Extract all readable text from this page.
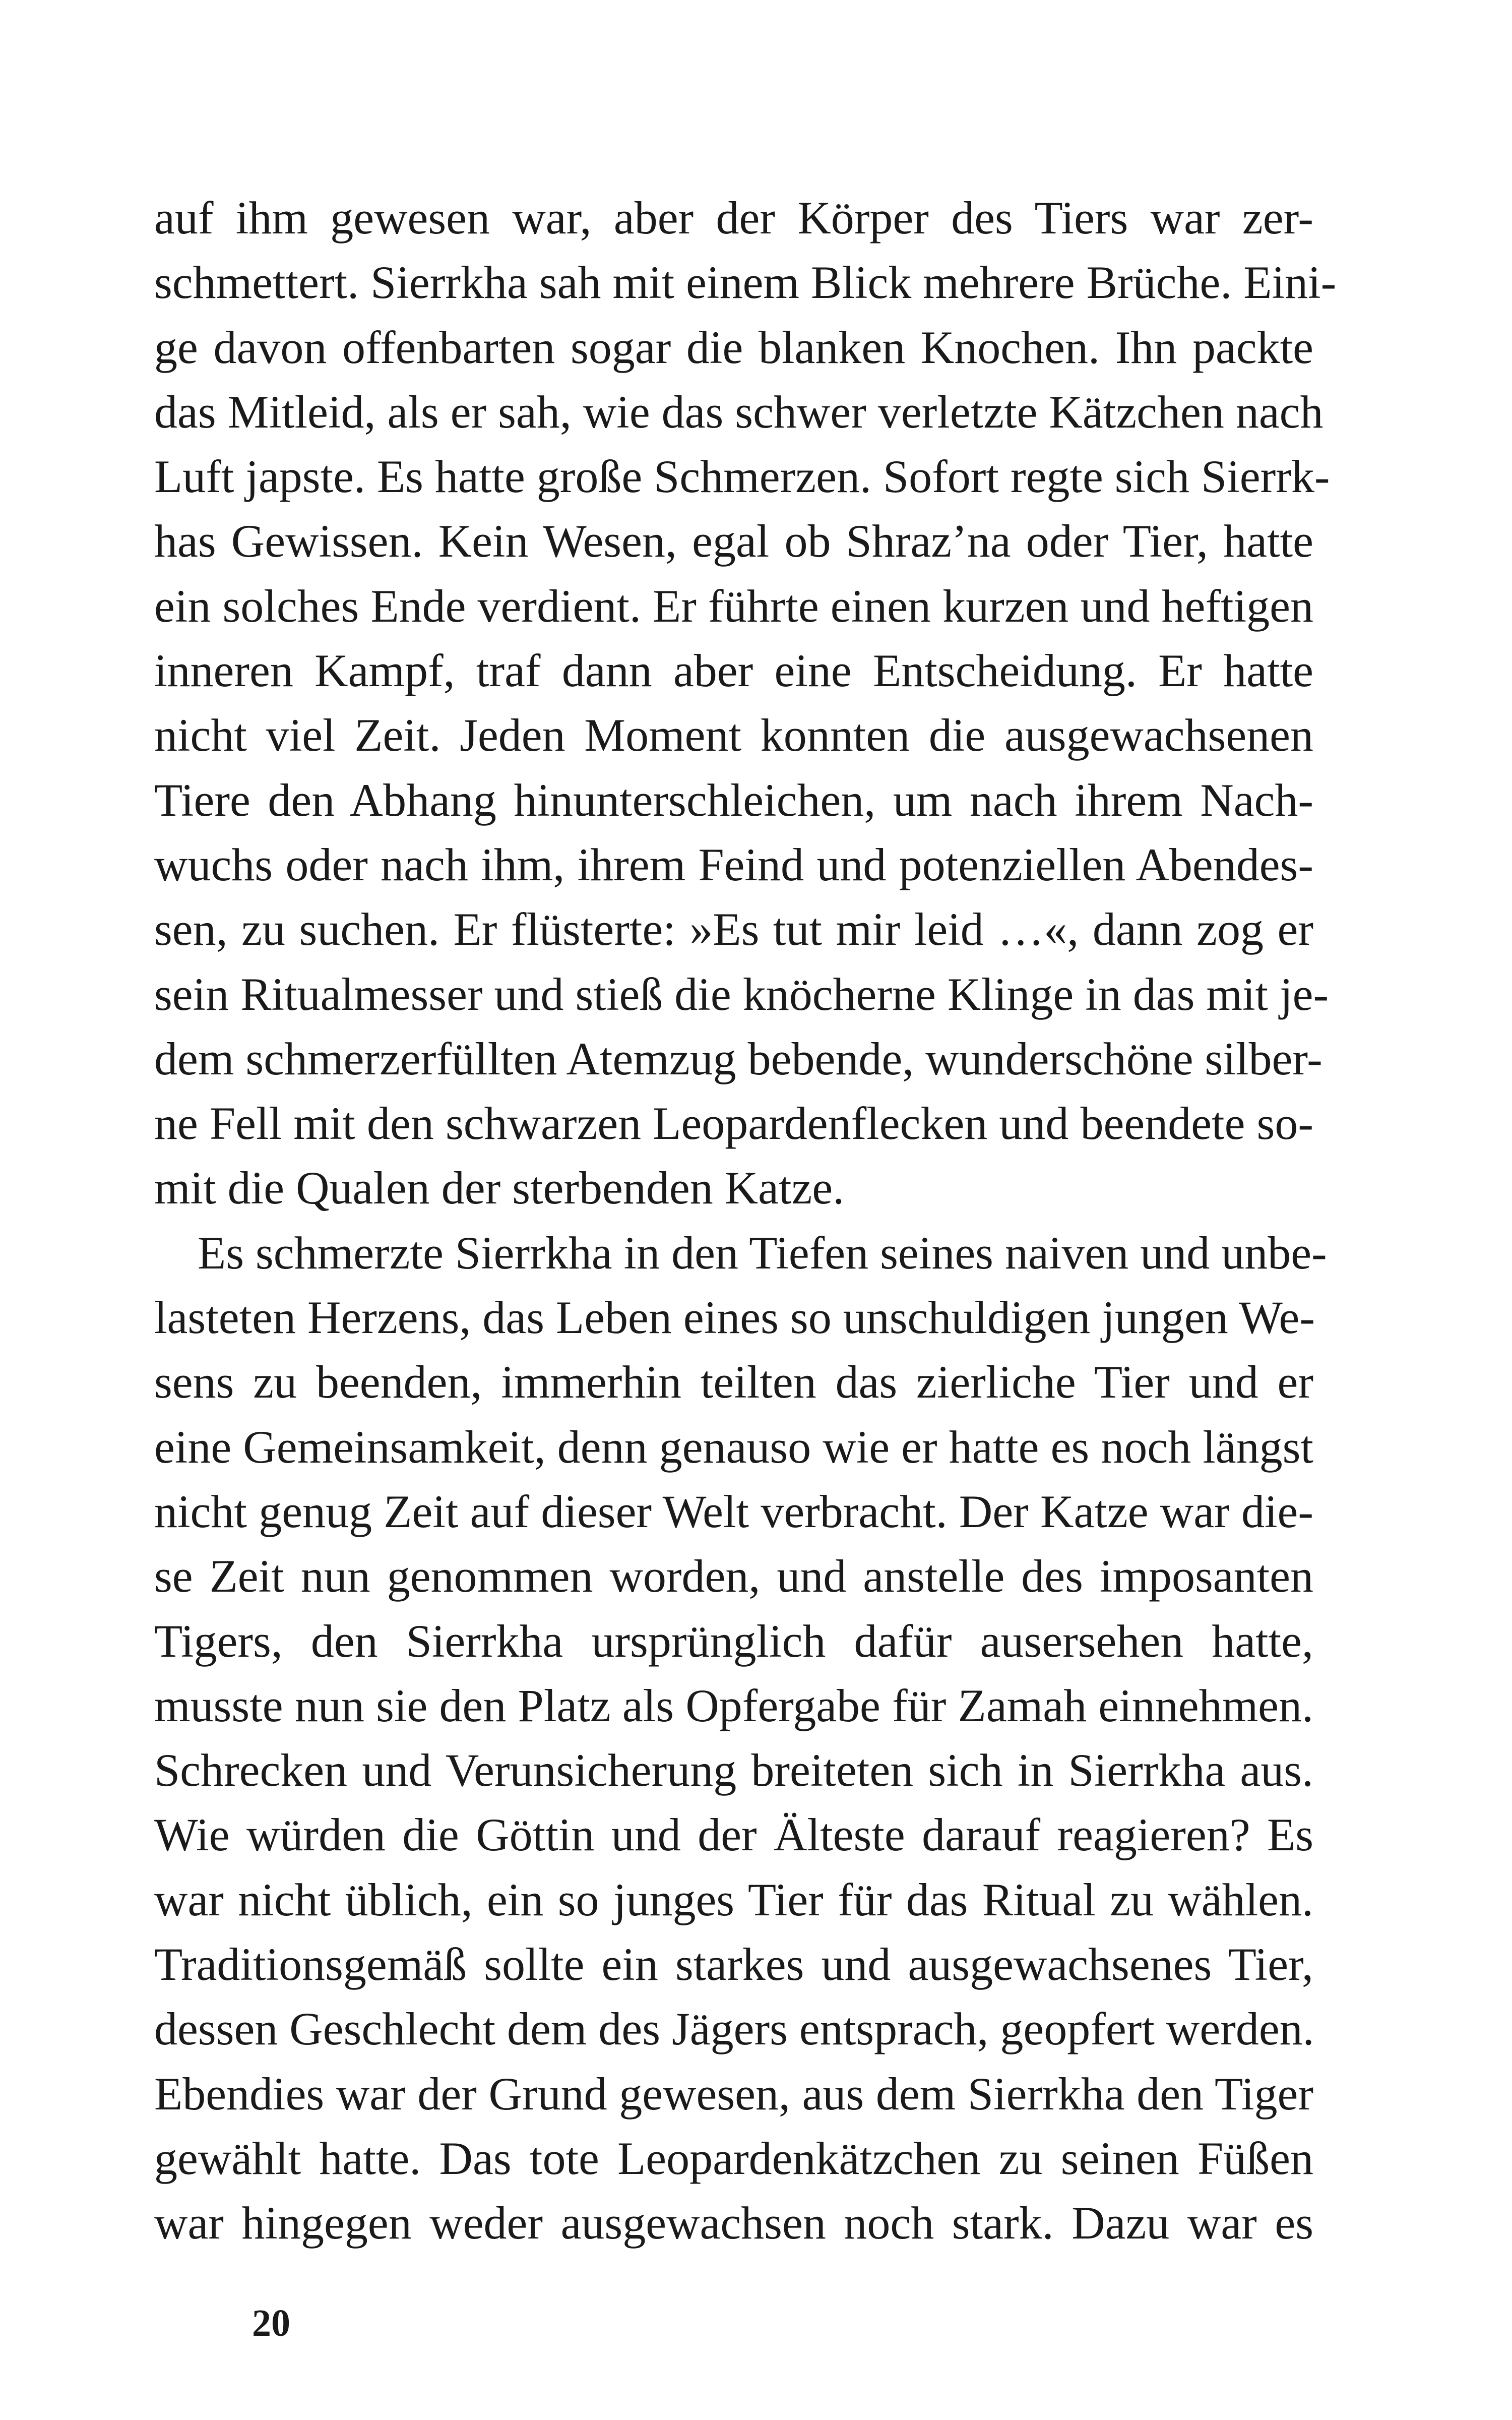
auf ihm gewesen war, aber der Körper des Tiers war zer-
schmettert. Sierrkha sah mit einem Blick mehrere Brüche. Eini-
ge davon offenbarten sogar die blanken Knochen. Ihn packte
das Mitleid, als er sah, wie das schwer verletzte Kätzchen nach
Luft japste. Es hatte große Schmerzen. Sofort regte sich Sierrk-
has Gewissen. Kein Wesen, egal ob Shraz’na oder Tier, hatte
ein solches Ende verdient. Er führte einen kurzen und heftigen
inneren Kampf, traf dann aber eine Entscheidung. Er hatte
nicht viel Zeit. Jeden Moment konnten die ausgewachsenen
Tiere den Abhang hinunterschleichen, um nach ihrem Nach-
wuchs oder nach ihm, ihrem Feind und potenziellen Abendes-
sen, zu suchen. Er flüsterte: »Es tut mir leid …«, dann zog er
sein Ritualmesser und stieß die knöcherne Klinge in das mit je-
dem schmerzerfüllten Atemzug bebende, wunderschöne silber-
ne Fell mit den schwarzen Leopardenflecken und beendete so-
mit die Qualen der sterbenden Katze.
Es schmerzte Sierrkha in den Tiefen seines naiven und unbe-
lasteten Herzens, das Leben eines so unschuldigen jungen We-
sens zu beenden, immerhin teilten das zierliche Tier und er
eine Gemeinsamkeit, denn genauso wie er hatte es noch längst
nicht genug Zeit auf dieser Welt verbracht. Der Katze war die-
se Zeit nun genommen worden, und anstelle des imposanten
Tigers, den Sierrkha ursprünglich dafür ausersehen hatte,
musste nun sie den Platz als Opfergabe für Zamah einnehmen.
Schrecken und Verunsicherung breiteten sich in Sierrkha aus.
Wie würden die Göttin und der Älteste darauf reagieren? Es
war nicht üblich, ein so junges Tier für das Ritual zu wählen.
Traditionsgemäß sollte ein starkes und ausgewachsenes Tier,
dessen Geschlecht dem des Jägers entsprach, geopfert werden.
Ebendies war der Grund gewesen, aus dem Sierrkha den Tiger
gewählt hatte. Das tote Leopardenkätzchen zu seinen Füßen
war hingegen weder ausgewachsen noch stark. Dazu war es
20
